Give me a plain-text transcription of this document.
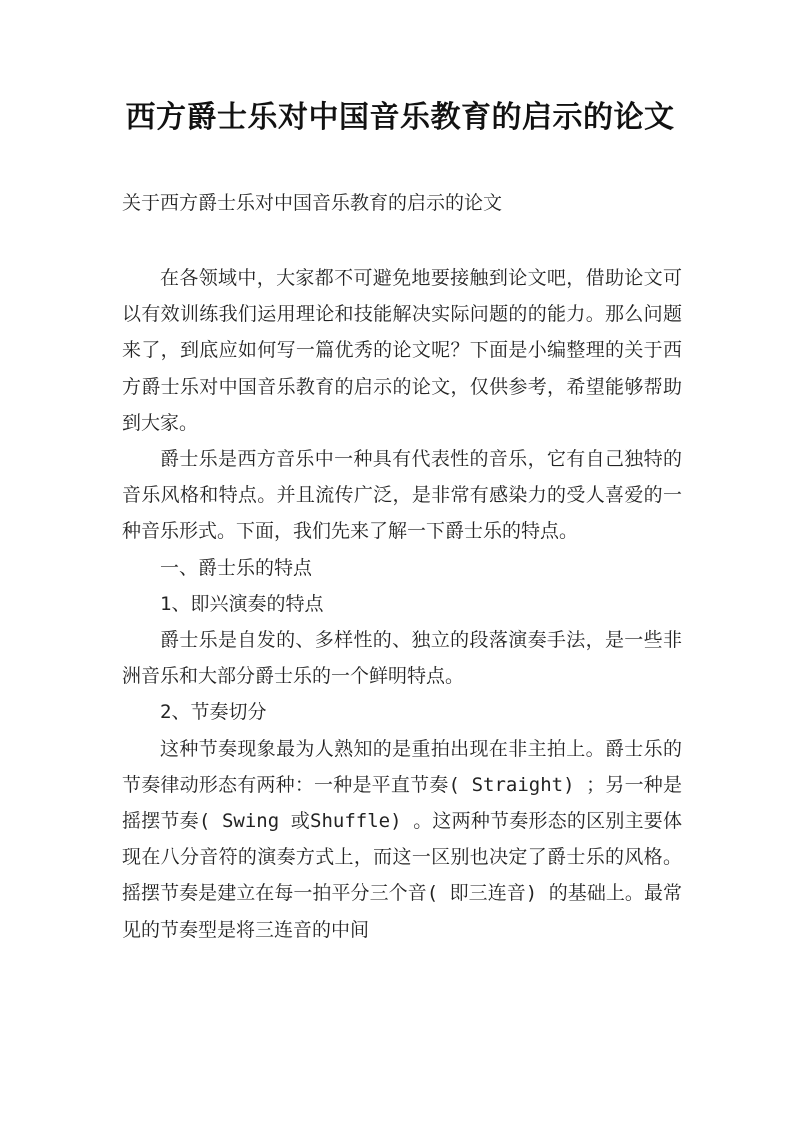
西方爵士乐对中国音乐教育的启示的论文

关于西方爵士乐对中国音乐教育的启示的论文

在各领域中，大家都不可避免地要接触到论文吧，借助论文可以有效训练我们运用理论和技能解决实际问题的的能力。那么问题来了，到底应如何写一篇优秀的论文呢？下面是小编整理的关于西方爵士乐对中国音乐教育的启示的论文，仅供参考，希望能够帮助到大家。

爵士乐是西方音乐中一种具有代表性的音乐，它有自己独特的音乐风格和特点。并且流传广泛，是非常有感染力的受人喜爱的一种音乐形式。下面，我们先来了解一下爵士乐的特点。

一、爵士乐的特点

1、即兴演奏的特点

爵士乐是自发的、多样性的、独立的段落演奏手法，是一些非洲音乐和大部分爵士乐的一个鲜明特点。

2、节奏切分

这种节奏现象最为人熟知的是重拍出现在非主拍上。爵士乐的节奏律动形态有两种：一种是平直节奏( Straight) ；另一种是摇摆节奏( Swing 或Shuffle) 。这两种节奏形态的区别主要体现在八分音符的演奏方式上，而这一区别也决定了爵士乐的风格。摇摆节奏是建立在每一拍平分三个音( 即三连音) 的基础上。最常见的节奏型是将三连音的中间
